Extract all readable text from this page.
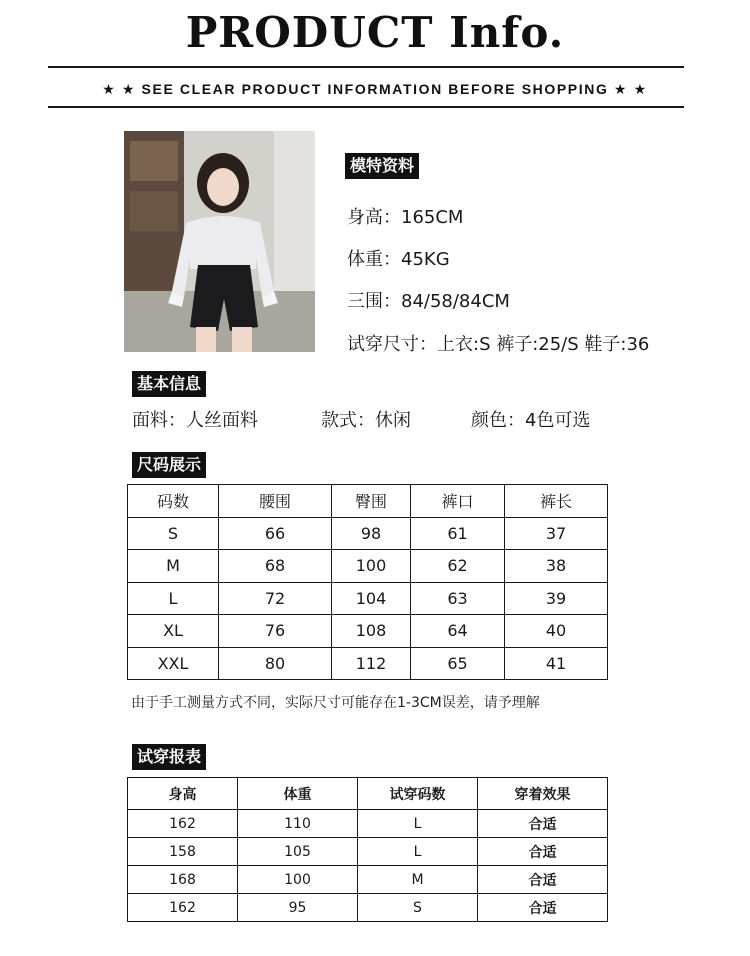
PRODUCT Info.
★ ★ SEE CLEAR PRODUCT INFORMATION BEFORE SHOPPING ★ ★
模特资料
身高：165CM
体重：45KG
三围：84/58/84CM
试穿尺寸：上衣:S 裤子:25/S 鞋子:36
基本信息
面料：人丝面料	款式：休闲	颜色：4色可选
尺码展示
码数	腰围	臀围	裤口	裤长
S	66	98	61	37
M	68	100	62	38
L	72	104	63	39
XL	76	108	64	40
XXL	80	112	65	41
由于手工测量方式不同，实际尺寸可能存在1-3CM误差，请予理解
试穿报表
身高	体重	试穿码数	穿着效果
162	110	L	合适
158	105	L	合适
168	100	M	合适
162	95	S	合适
